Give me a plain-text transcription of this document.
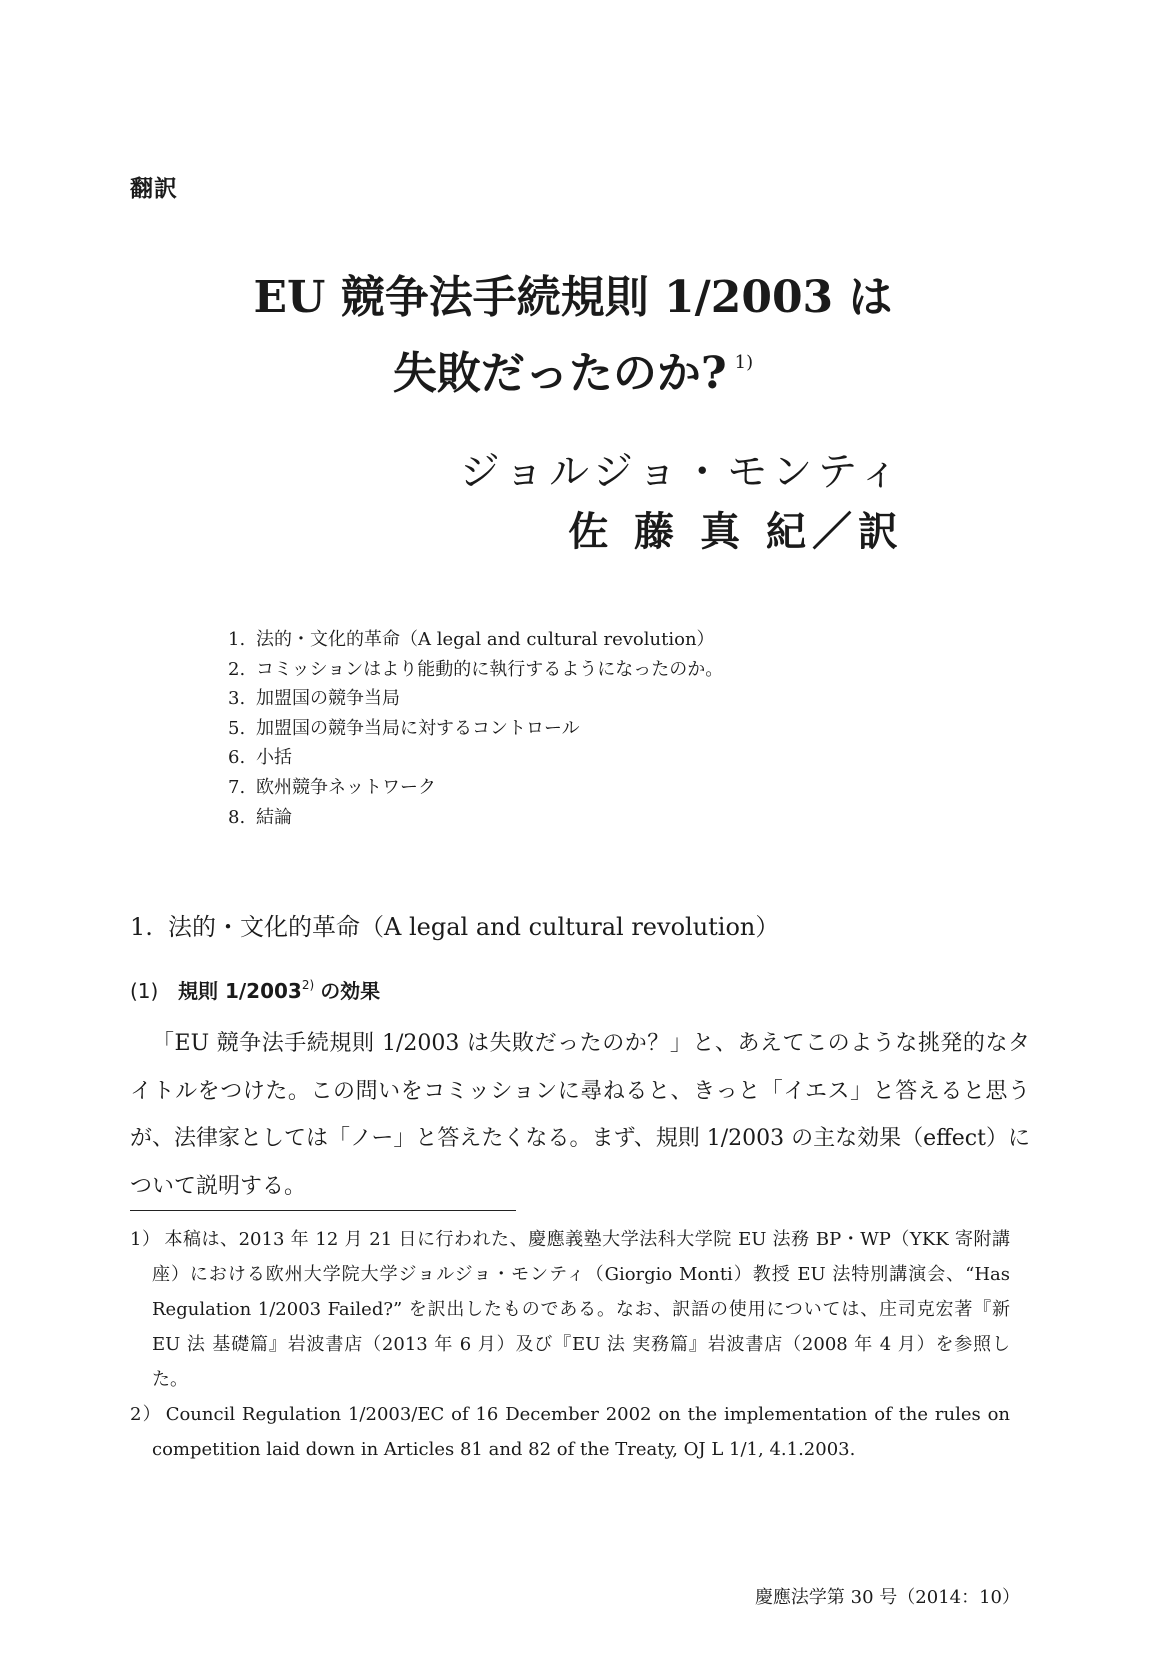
翻訳
EU 競争法手続規則 1/2003 は
失敗だったのか? $^{1)}$
ジョルジョ・モンティ
佐 藤 真 紀／訳
1. 法的・文化的革命（A legal and cultural revolution）
2. コミッションはより能動的に執行するようになったのか。
3. 加盟国の競争当局
5. 加盟国の競争当局に対するコントロール
6. 小括
7. 欧州競争ネットワーク
8. 結論
1. 法的・文化的革命（A legal and cultural revolution）
(1) 規則 1/2003$^{2)}$ の効果

「EU 競争法手続規則 1/2003 は失敗だったのか？」と、あえてこのような挑発的なタイトルをつけた。この問いをコミッションに尋ねると、きっと「イエス」と答えると思うが、法律家としては「ノー」と答えたくなる。まず、規則 1/2003 の主な効果（effect）について説明する。

1） 本稿は、2013 年 12 月 21 日に行われた、慶應義塾大学法科大学院 EU 法務 BP・WP（YKK 寄附講座）における欧州大学院大学ジョルジョ・モンティ（Giorgio Monti）教授 EU 法特別講演会、“Has Regulation 1/2003 Failed?” を訳出したものである。なお、訳語の使用については、庄司克宏著『新 EU 法 基礎篇』岩波書店（2013 年 6 月）及び『EU 法 実務篇』岩波書店（2008 年 4 月）を参照した。

2） Council Regulation 1/2003/EC of 16 December 2002 on the implementation of the rules on competition laid down in Articles 81 and 82 of the Treaty, OJ L 1/1, 4.1.2003.

慶應法学第 30 号（2014：10）
